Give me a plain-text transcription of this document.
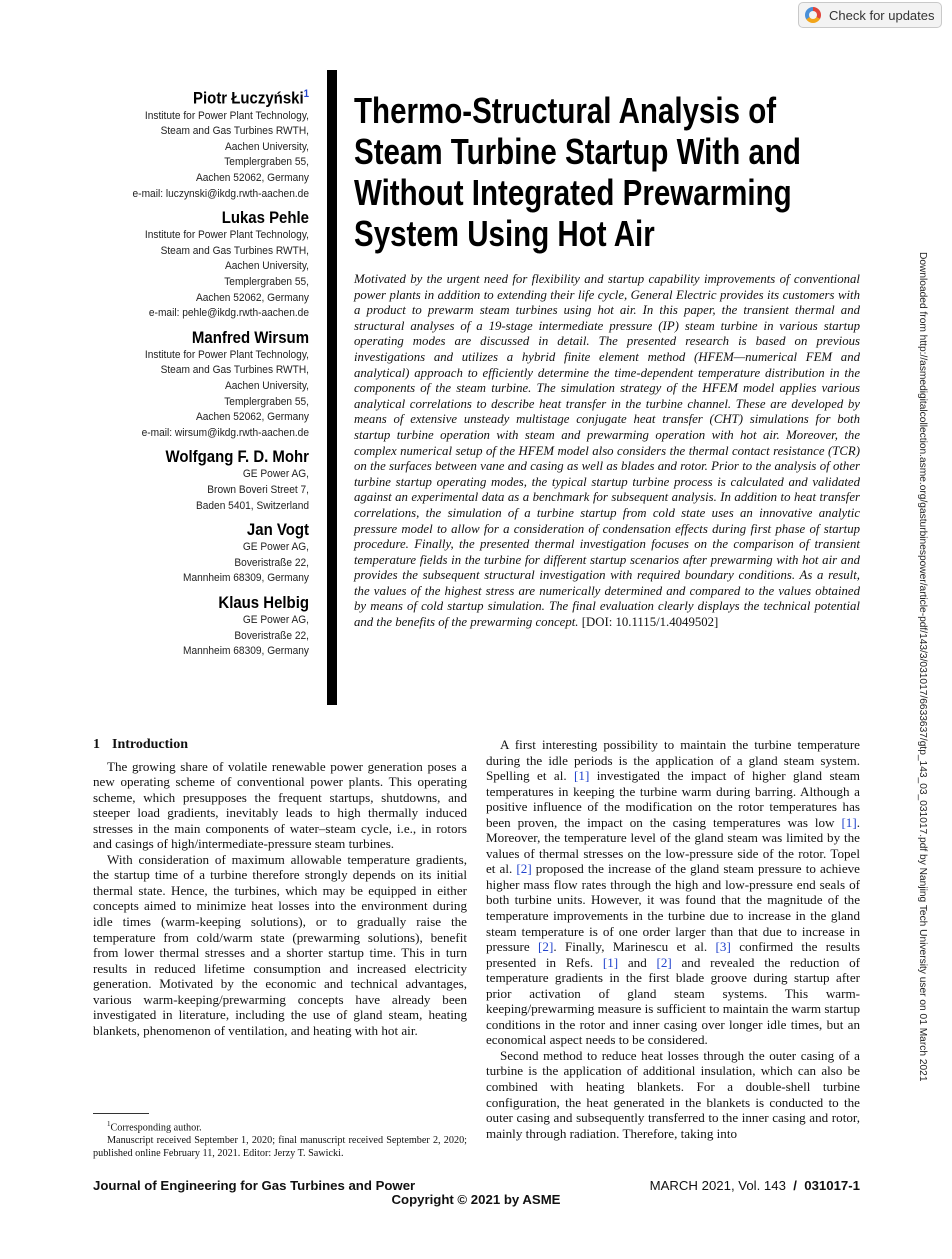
Check for updates
Piotr Łuczyński$^1$
Institute for Power Plant Technology,
Steam and Gas Turbines RWTH,
Aachen University,
Templergraben 55,
Aachen 52062, Germany
e-mail: luczynski@ikdg.rwth-aachen.de
Lukas Pehle
Institute for Power Plant Technology,
Steam and Gas Turbines RWTH,
Aachen University,
Templergraben 55,
Aachen 52062, Germany
e-mail: pehle@ikdg.rwth-aachen.de
Manfred Wirsum
Institute for Power Plant Technology,
Steam and Gas Turbines RWTH,
Aachen University,
Templergraben 55,
Aachen 52062, Germany
e-mail: wirsum@ikdg.rwth-aachen.de
Wolfgang F. D. Mohr
GE Power AG,
Brown Boveri Street 7,
Baden 5401, Switzerland
Jan Vogt
GE Power AG,
Boveristraße 22,
Mannheim 68309, Germany
Klaus Helbig
GE Power AG,
Boveristraße 22,
Mannheim 68309, Germany
Thermo-Structural Analysis of
Steam Turbine Startup With and
Without Integrated Prewarming
System Using Hot Air
Motivated by the urgent need for flexibility and startup capability improvements of conventional power plants in addition to extending their life cycle, General Electric provides its customers with a product to prewarm steam turbines using hot air. In this paper, the transient thermal and structural analyses of a 19-stage intermediate pressure (IP) steam turbine in various startup operating modes are discussed in detail. The presented research is based on previous investigations and utilizes a hybrid finite element method (HFEM—numerical FEM and analytical) approach to efficiently determine the time-dependent temperature distribution in the components of the steam turbine. The simulation strategy of the HFEM model applies various analytical correlations to describe heat transfer in the turbine channel. These are developed by means of extensive unsteady multistage conjugate heat transfer (CHT) simulations for both startup turbine operation with steam and prewarming operation with hot air. Moreover, the complex numerical setup of the HFEM model also considers the thermal contact resistance (TCR) on the surfaces between vane and casing as well as blades and rotor. Prior to the analysis of other turbine startup operating modes, the typical startup turbine process is calculated and validated against an experimental data as a benchmark for subsequent analysis. In addition to heat transfer correlations, the simulation of a turbine startup from cold state uses an innovative analytic pressure model to allow for a consideration of condensation effects during first phase of startup procedure. Finally, the presented thermal investigation focuses on the comparison of transient temperature fields in the turbine for different startup scenarios after prewarming with hot air and provides the subsequent structural investigation with required boundary conditions. As a result, the values of the highest stress are numerically determined and compared to the values obtained by means of cold startup simulation. The final evaluation clearly displays the technical potential and the benefits of the prewarming concept. [DOI: 10.1115/1.4049502]	Downloaded from http://asmedigitalcollection.asme.org/gasturbinespower/article-pdf/143/3/031017/6633637/gtp_143_03_031017.pdf by Nanjing Tech University user on 01 March 2021
1 Introduction

The growing share of volatile renewable power generation poses a new operating scheme of conventional power plants. This operating scheme, which presupposes the frequent startups, shutdowns, and steeper load gradients, inevitably leads to high thermally induced stresses in the main components of water–steam cycle, i.e., in rotors and casings of high/intermediate-pressure steam turbines.

With consideration of maximum allowable temperature gradients, the startup time of a turbine therefore strongly depends on its initial thermal state. Hence, the turbines, which may be equipped in either concepts aimed to minimize heat losses into the environment during idle times (warm-keeping solutions), or to gradually raise the temperature from cold/warm state (prewarming solutions), benefit from lower thermal stresses and a shorter startup time. This in turn results in reduced lifetime consumption and increased electricity generation. Motivated by the economic and technical advantages, various warm-keeping/prewarming concepts have already been investigated in literature, including the use of gland steam, heating blankets, phenomenon of ventilation, and heating with hot air.

A first interesting possibility to maintain the turbine temperature during the idle periods is the application of a gland steam system. Spelling et al. [1] investigated the impact of higher gland steam temperatures in keeping the turbine warm during barring. Although a positive influence of the modification on the rotor temperatures has been proven, the impact on the casing temperatures was low [1]. Moreover, the temperature level of the gland steam was limited by the values of thermal stresses on the low-pressure side of the rotor. Topel et al. [2] proposed the increase of the gland steam pressure to achieve higher mass flow rates through the high and low-pressure end seals of both turbine units. However, it was found that the magnitude of the temperature improvements in the turbine due to increase in the gland steam temperature is of one order larger than that due to increase in pressure [2]. Finally, Marinescu et al. [3] confirmed the results presented in Refs. [1] and [2] and revealed the reduction of temperature gradients in the first blade groove during startup after prior activation of gland steam systems. This warm-keeping/prewarming measure is sufficient to maintain the warm startup conditions in the rotor and inner casing over longer idle times, but an economical aspect needs to be considered.

Second method to reduce heat losses through the outer casing of a turbine is the application of additional insulation, which can also be combined with heating blankets. For a double-shell turbine configuration, the heat generated in the blankets is conducted to the outer casing and subsequently transferred to the inner casing and rotor, mainly through radiation. Therefore, taking into

$^1$Corresponding author.

Manuscript received September 1, 2020; final manuscript received September 2, 2020; published online February 11, 2021. Editor: Jerzy T. Sawicki.

Journal of Engineering for Gas Turbines and Power	MARCH 2021, Vol. 143 / 031017-1
Copyright © 2021 by ASME
